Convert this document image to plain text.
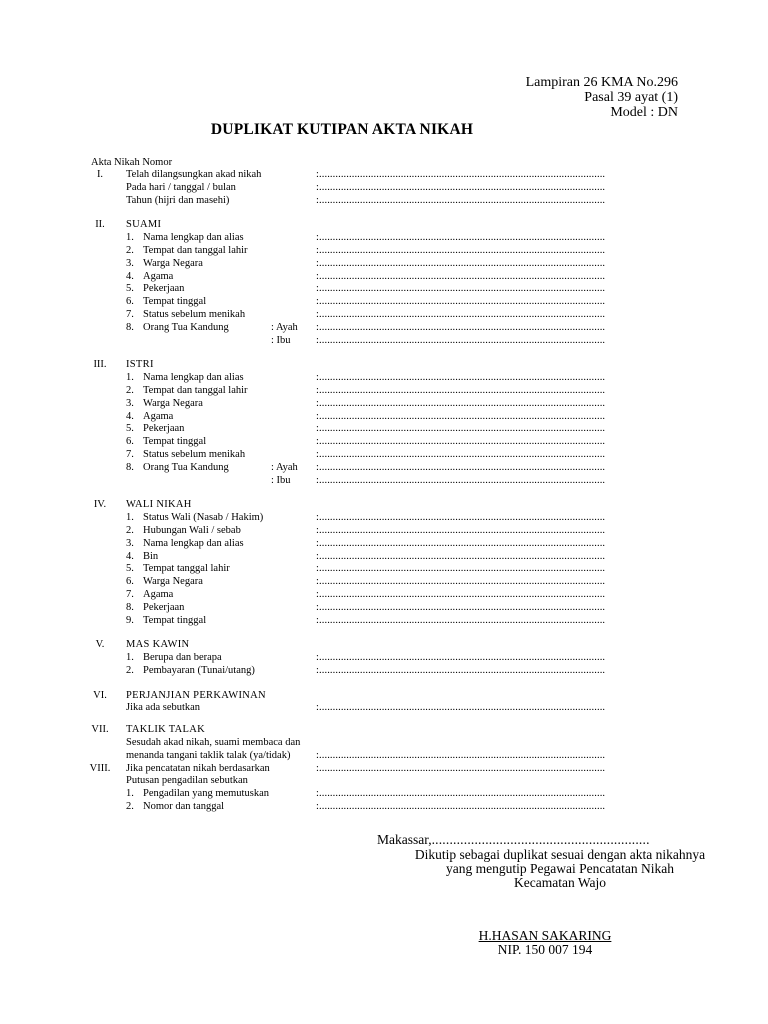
Lampiran 26 KMA No.296
Pasal 39 ayat (1)
Model : DN
DUPLIKAT KUTIPAN AKTA NIKAH
Akta Nikah Nomor
I.	Telah dilangsungkan akad nikah	:.........................................................................................................
Pada hari / tanggal / bulan	:.........................................................................................................
Tahun (hijri dan masehi)	:.........................................................................................................
II.	SUAMI
1. Nama lengkap dan alias	:.........................................................................................................
2. Tempat dan tanggal lahir	:.........................................................................................................
3. Warga Negara	:.........................................................................................................
4. Agama	:.........................................................................................................
5. Pekerjaan	:.........................................................................................................
6. Tempat tinggal	:.........................................................................................................
7. Status sebelum menikah	:.........................................................................................................
8. Orang Tua Kandung	: Ayah :.........................................................................................................
: Ibu :.........................................................................................................
III.	ISTRI
1. Nama lengkap dan alias	:.........................................................................................................
2. Tempat dan tanggal lahir	:.........................................................................................................
3. Warga Negara	:.........................................................................................................
4. Agama	:.........................................................................................................
5. Pekerjaan	:.........................................................................................................
6. Tempat tinggal	:.........................................................................................................
7. Status sebelum menikah	:.........................................................................................................
8. Orang Tua Kandung	: Ayah :.........................................................................................................
: Ibu :.........................................................................................................
IV.	WALI NIKAH
1. Status Wali (Nasab / Hakim)	:.........................................................................................................
2. Hubungan Wali / sebab	:.........................................................................................................
3. Nama lengkap dan alias	:.........................................................................................................
4. Bin	:.........................................................................................................
5. Tempat tanggal lahir	:.........................................................................................................
6. Warga Negara	:.........................................................................................................
7. Agama	:.........................................................................................................
8. Pekerjaan	:.........................................................................................................
9. Tempat tinggal	:.........................................................................................................
V.	MAS KAWIN
1. Berupa dan berapa	:.........................................................................................................
2. Pembayaran (Tunai/utang)	:.........................................................................................................
VI.	PERJANJIAN PERKAWINAN
Jika ada sebutkan	:.........................................................................................................
VII.	TAKLIK TALAK
Sesudah akad nikah, suami membaca dan
menanda tangani taklik talak (ya/tidak) :.........................................................................................................
VIII.	Jika pencatatan nikah berdasarkan	:.........................................................................................................
Putusan pengadilan sebutkan
1. Pengadilan yang memutuskan	:.........................................................................................................
2. Nomor dan tanggal	:.........................................................................................................
Makassar,.............................................................
Dikutip sebagai duplikat sesuai dengan akta nikahnya
yang mengutip Pegawai Pencatatan Nikah
Kecamatan Wajo
H.HASAN SAKARING
NIP. 150 007 194
